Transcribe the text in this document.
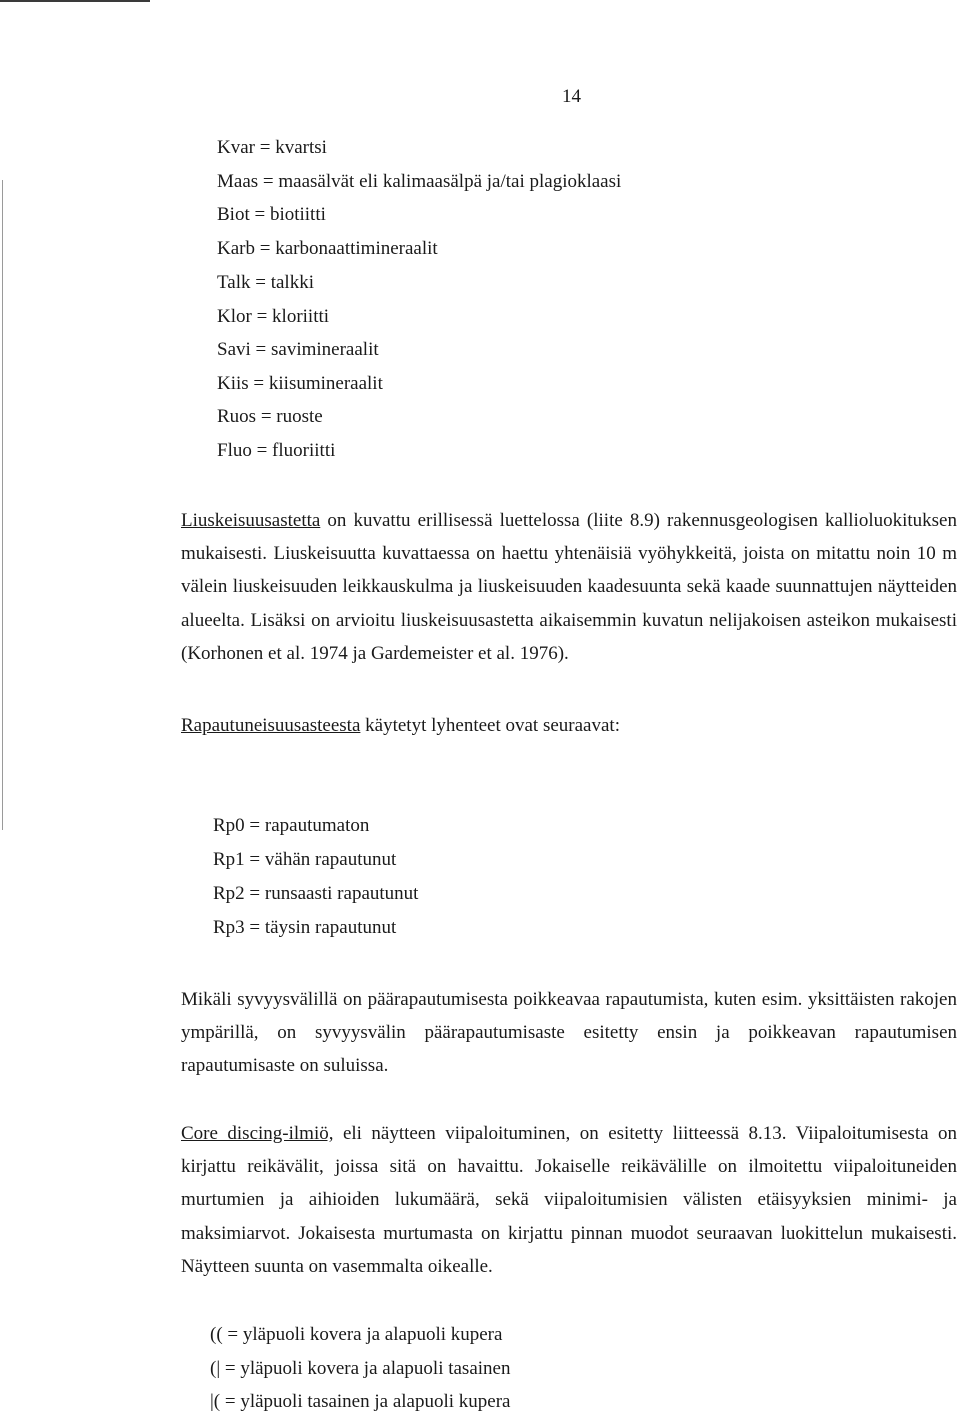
14
Kvar = kvartsi
Maas = maasälvät eli kalimaasälpä ja/tai plagioklaasi
Biot = biotiitti
Karb = karbonaattimineraalit
Talk = talkki
Klor = kloriitti
Savi = savimineraalit
Kiis = kiisumineraalit
Ruos = ruoste
Fluo = fluoriitti

Liuskeisuusastetta on kuvattu erillisessä luettelossa (liite 8.9) rakennusgeologisen kallioluokituksen mukaisesti. Liuskeisuutta kuvattaessa on haettu yhtenäisiä vyöhykkeitä, joista on mitattu noin 10 m välein liuskeisuuden leikkauskulma ja liuskeisuuden kaadesuunta sekä kaade suunnattujen näytteiden alueelta. Lisäksi on arvioitu liuskeisuusastetta aikaisemmin kuvatun nelijakoisen asteikon mukaisesti (Korhonen et al. 1974 ja Gardemeister et al. 1976).

Rapautuneisuusasteesta käytetyt lyhenteet ovat seuraavat:

Rp0 = rapautumaton
Rp1 = vähän rapautunut
Rp2 = runsaasti rapautunut
Rp3 = täysin rapautunut

Mikäli syvyysvälillä on päärapautumisesta poikkeavaa rapautumista, kuten esim. yksittäisten rakojen ympärillä, on syvyysvälin päärapautumisaste esitetty ensin ja poikkeavan rapautumisen rapautumisaste on suluissa.

Core discing-ilmiö, eli näytteen viipaloituminen, on esitetty liitteessä 8.13. Viipaloitumisesta on kirjattu reikävälit, joissa sitä on havaittu. Jokaiselle reikävälille on ilmoitettu viipaloituneiden murtumien ja aihioiden lukumäärä, sekä viipaloitumisien välisten etäisyyksien minimi- ja maksimiarvot. Jokaisesta murtumasta on kirjattu pinnan muodot seuraavan luokittelun mukaisesti. Näytteen suunta on vasemmalta oikealle.

(( = yläpuoli kovera ja alapuoli kupera
(| = yläpuoli kovera ja alapuoli tasainen
|( = yläpuoli tasainen ja alapuoli kupera
